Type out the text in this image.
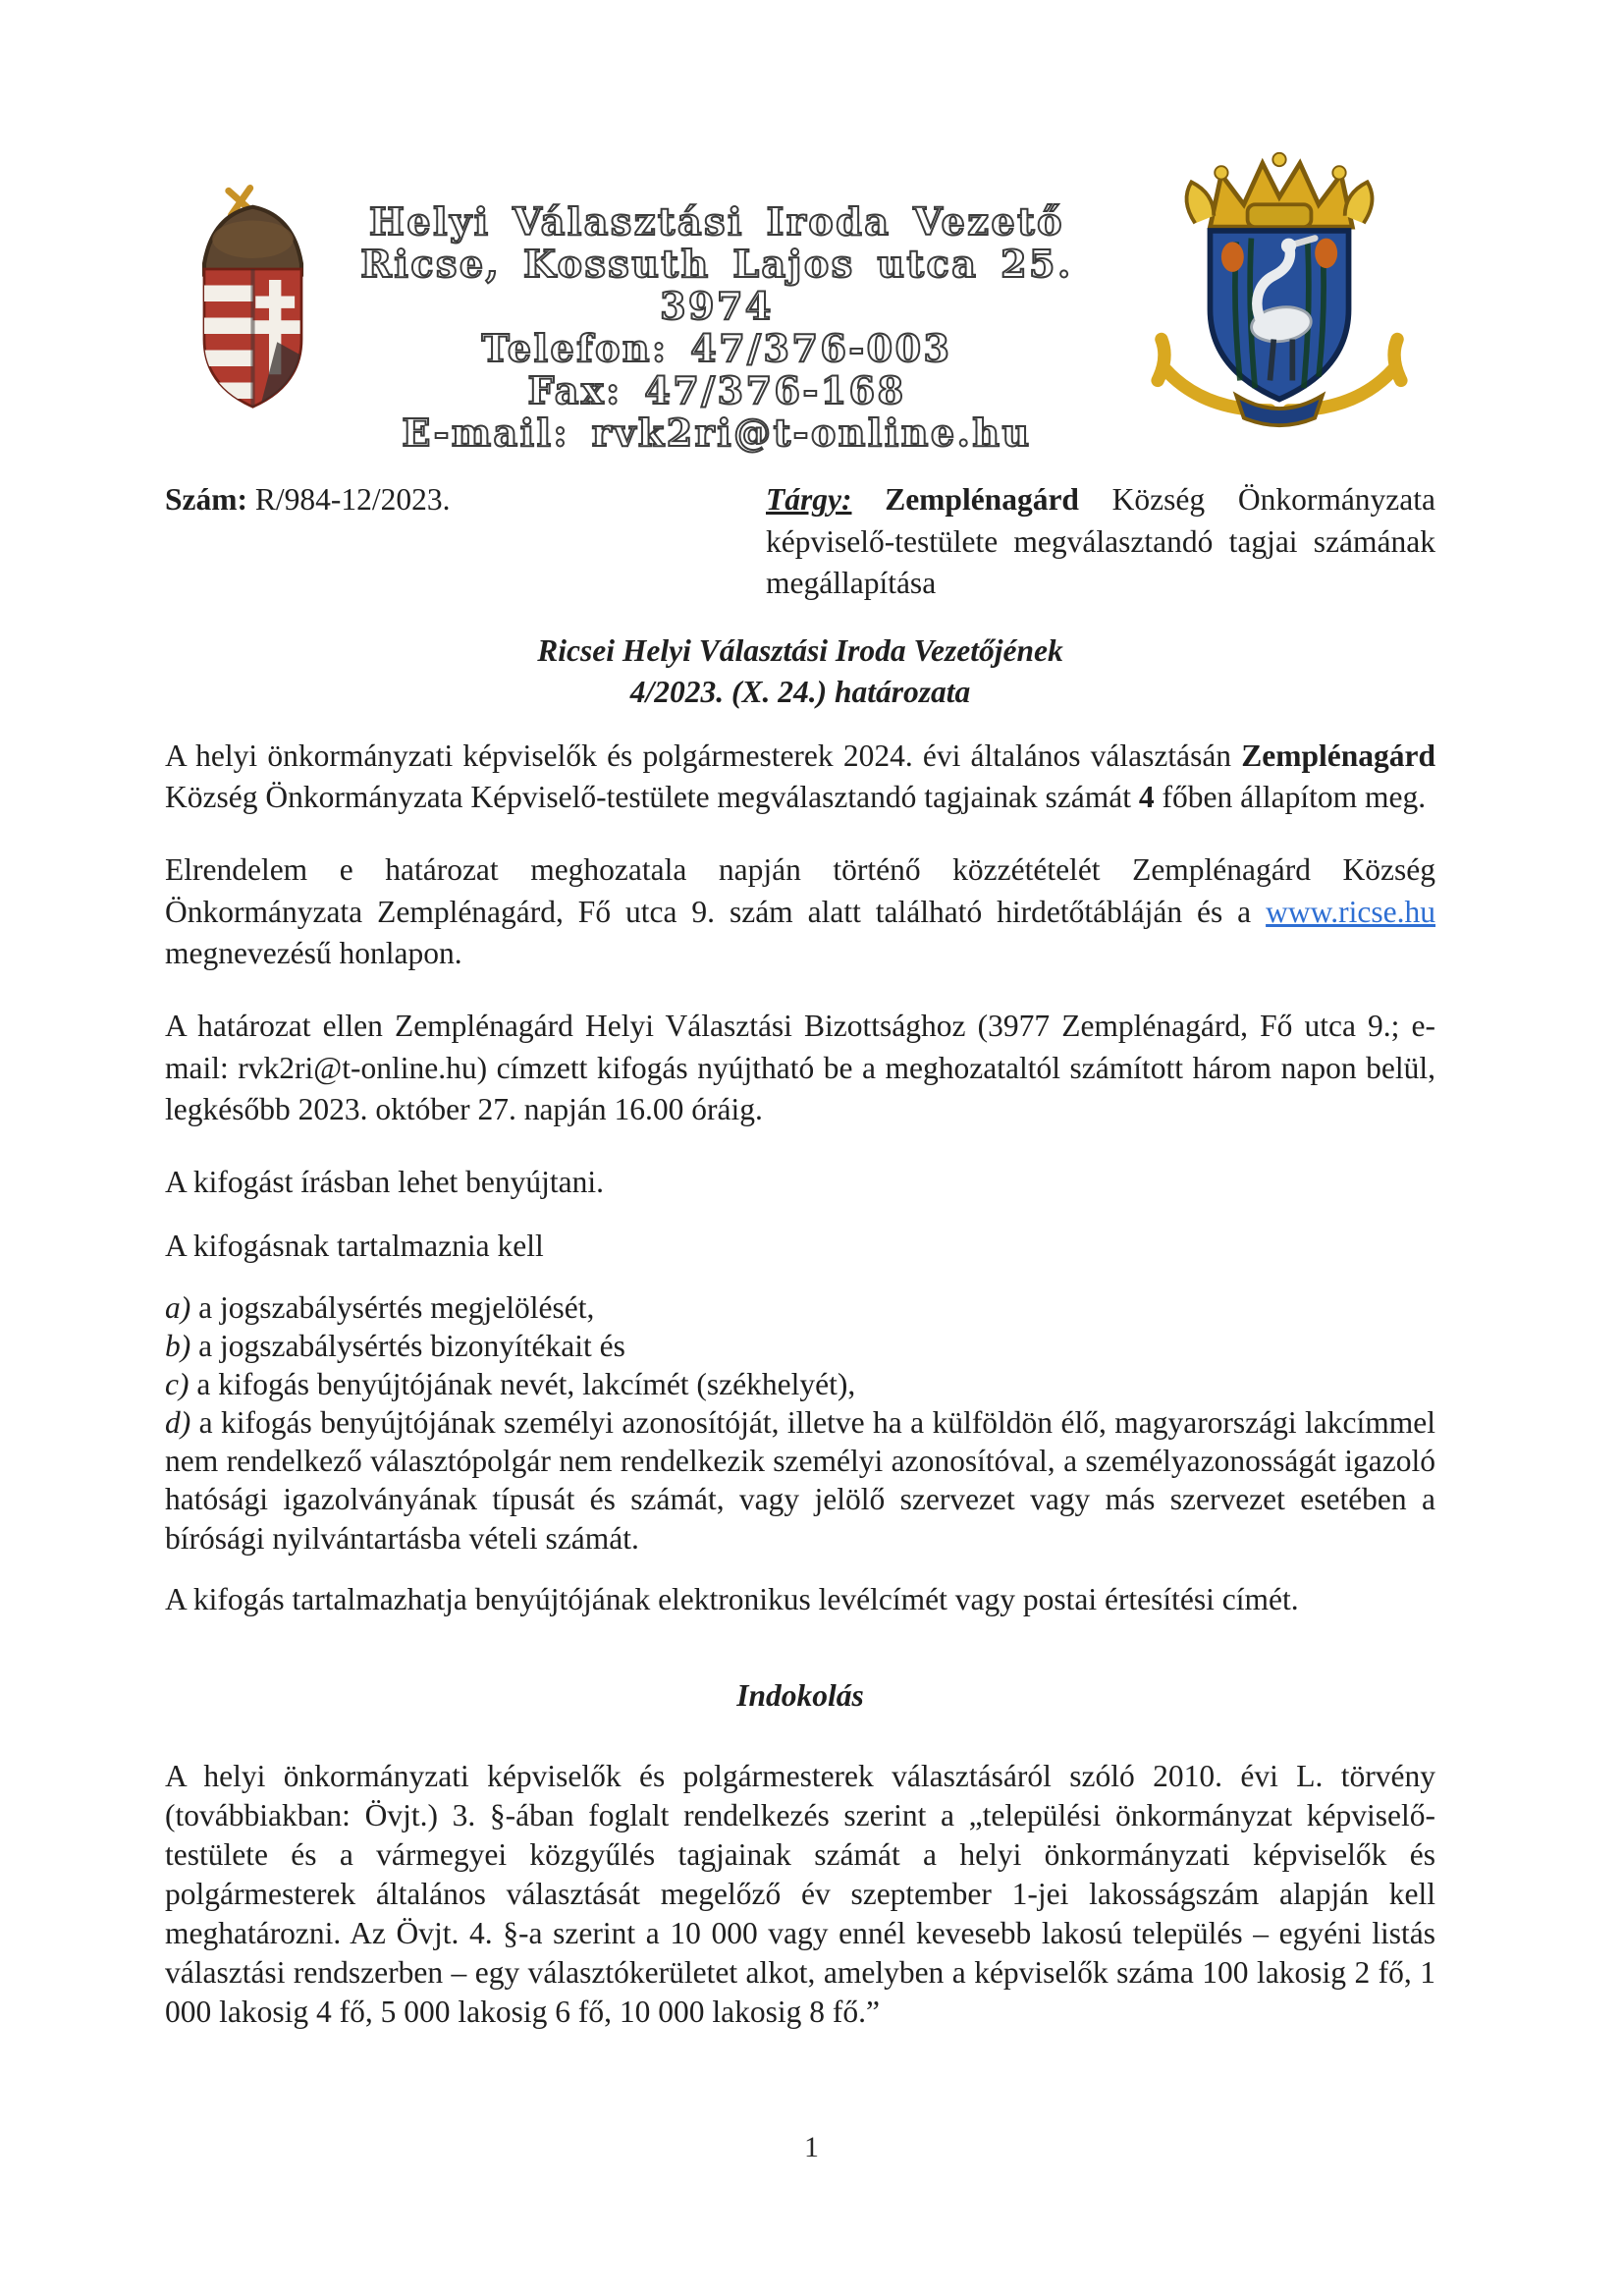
Helyi Választási Iroda Vezető
Ricse, Kossuth Lajos utca 25.
3974
Telefon: 47/376-003
Fax: 47/376-168
E-mail: rvk2ri@t-online.hu
Szám: R/984-12/2023.	Tárgy: Zemplénagárd Község Önkormányzata képviselő-testülete megválasztandó tagjai számának megállapítása
Ricsei Helyi Választási Iroda Vezetőjének
4/2023. (X. 24.) határozata

A helyi önkormányzati képviselők és polgármesterek 2024. évi általános választásán Zemplénagárd Község Önkormányzata Képviselő-testülete megválasztandó tagjainak számát 4 főben állapítom meg.

Elrendelem e határozat meghozatala napján történő közzétételét Zemplénagárd Község Önkormányzata Zemplénagárd, Fő utca 9. szám alatt található hirdetőtábláján és a www.ricse.hu megnevezésű honlapon.

A határozat ellen Zemplénagárd Helyi Választási Bizottsághoz (3977 Zemplénagárd, Fő utca 9.; e-mail: rvk2ri@t-online.hu) címzett kifogás nyújtható be a meghozataltól számított három napon belül, legkésőbb 2023. október 27. napján 16.00 óráig.

A kifogást írásban lehet benyújtani.
A kifogásnak tartalmaznia kell
a) a jogszabálysértés megjelölését,
b) a jogszabálysértés bizonyítékait és
c) a kifogás benyújtójának nevét, lakcímét (székhelyét),
d) a kifogás benyújtójának személyi azonosítóját, illetve ha a külföldön élő, magyarországi lakcímmel nem rendelkező választópolgár nem rendelkezik személyi azonosítóval, a személyazonosságát igazoló hatósági igazolványának típusát és számát, vagy jelölő szervezet vagy más szervezet esetében a bírósági nyilvántartásba vételi számát.
A kifogás tartalmazhatja benyújtójának elektronikus levélcímét vagy postai értesítési címét.
Indokolás

A helyi önkormányzati képviselők és polgármesterek választásáról szóló 2010. évi L. törvény (továbbiakban: Övjt.) 3. §-ában foglalt rendelkezés szerint a „települési önkormányzat képviselő-testülete és a vármegyei közgyűlés tagjainak számát a helyi önkormányzati képviselők és polgármesterek általános választását megelőző év szeptember 1-jei lakosságszám alapján kell meghatározni. Az Övjt. 4. §-a szerint a 10 000 vagy ennél kevesebb lakosú település – egyéni listás választási rendszerben – egy választókerületet alkot, amelyben a képviselők száma 100 lakosig 2 fő, 1 000 lakosig 4 fő, 5 000 lakosig 6 fő, 10 000 lakosig 8 fő.”

1
